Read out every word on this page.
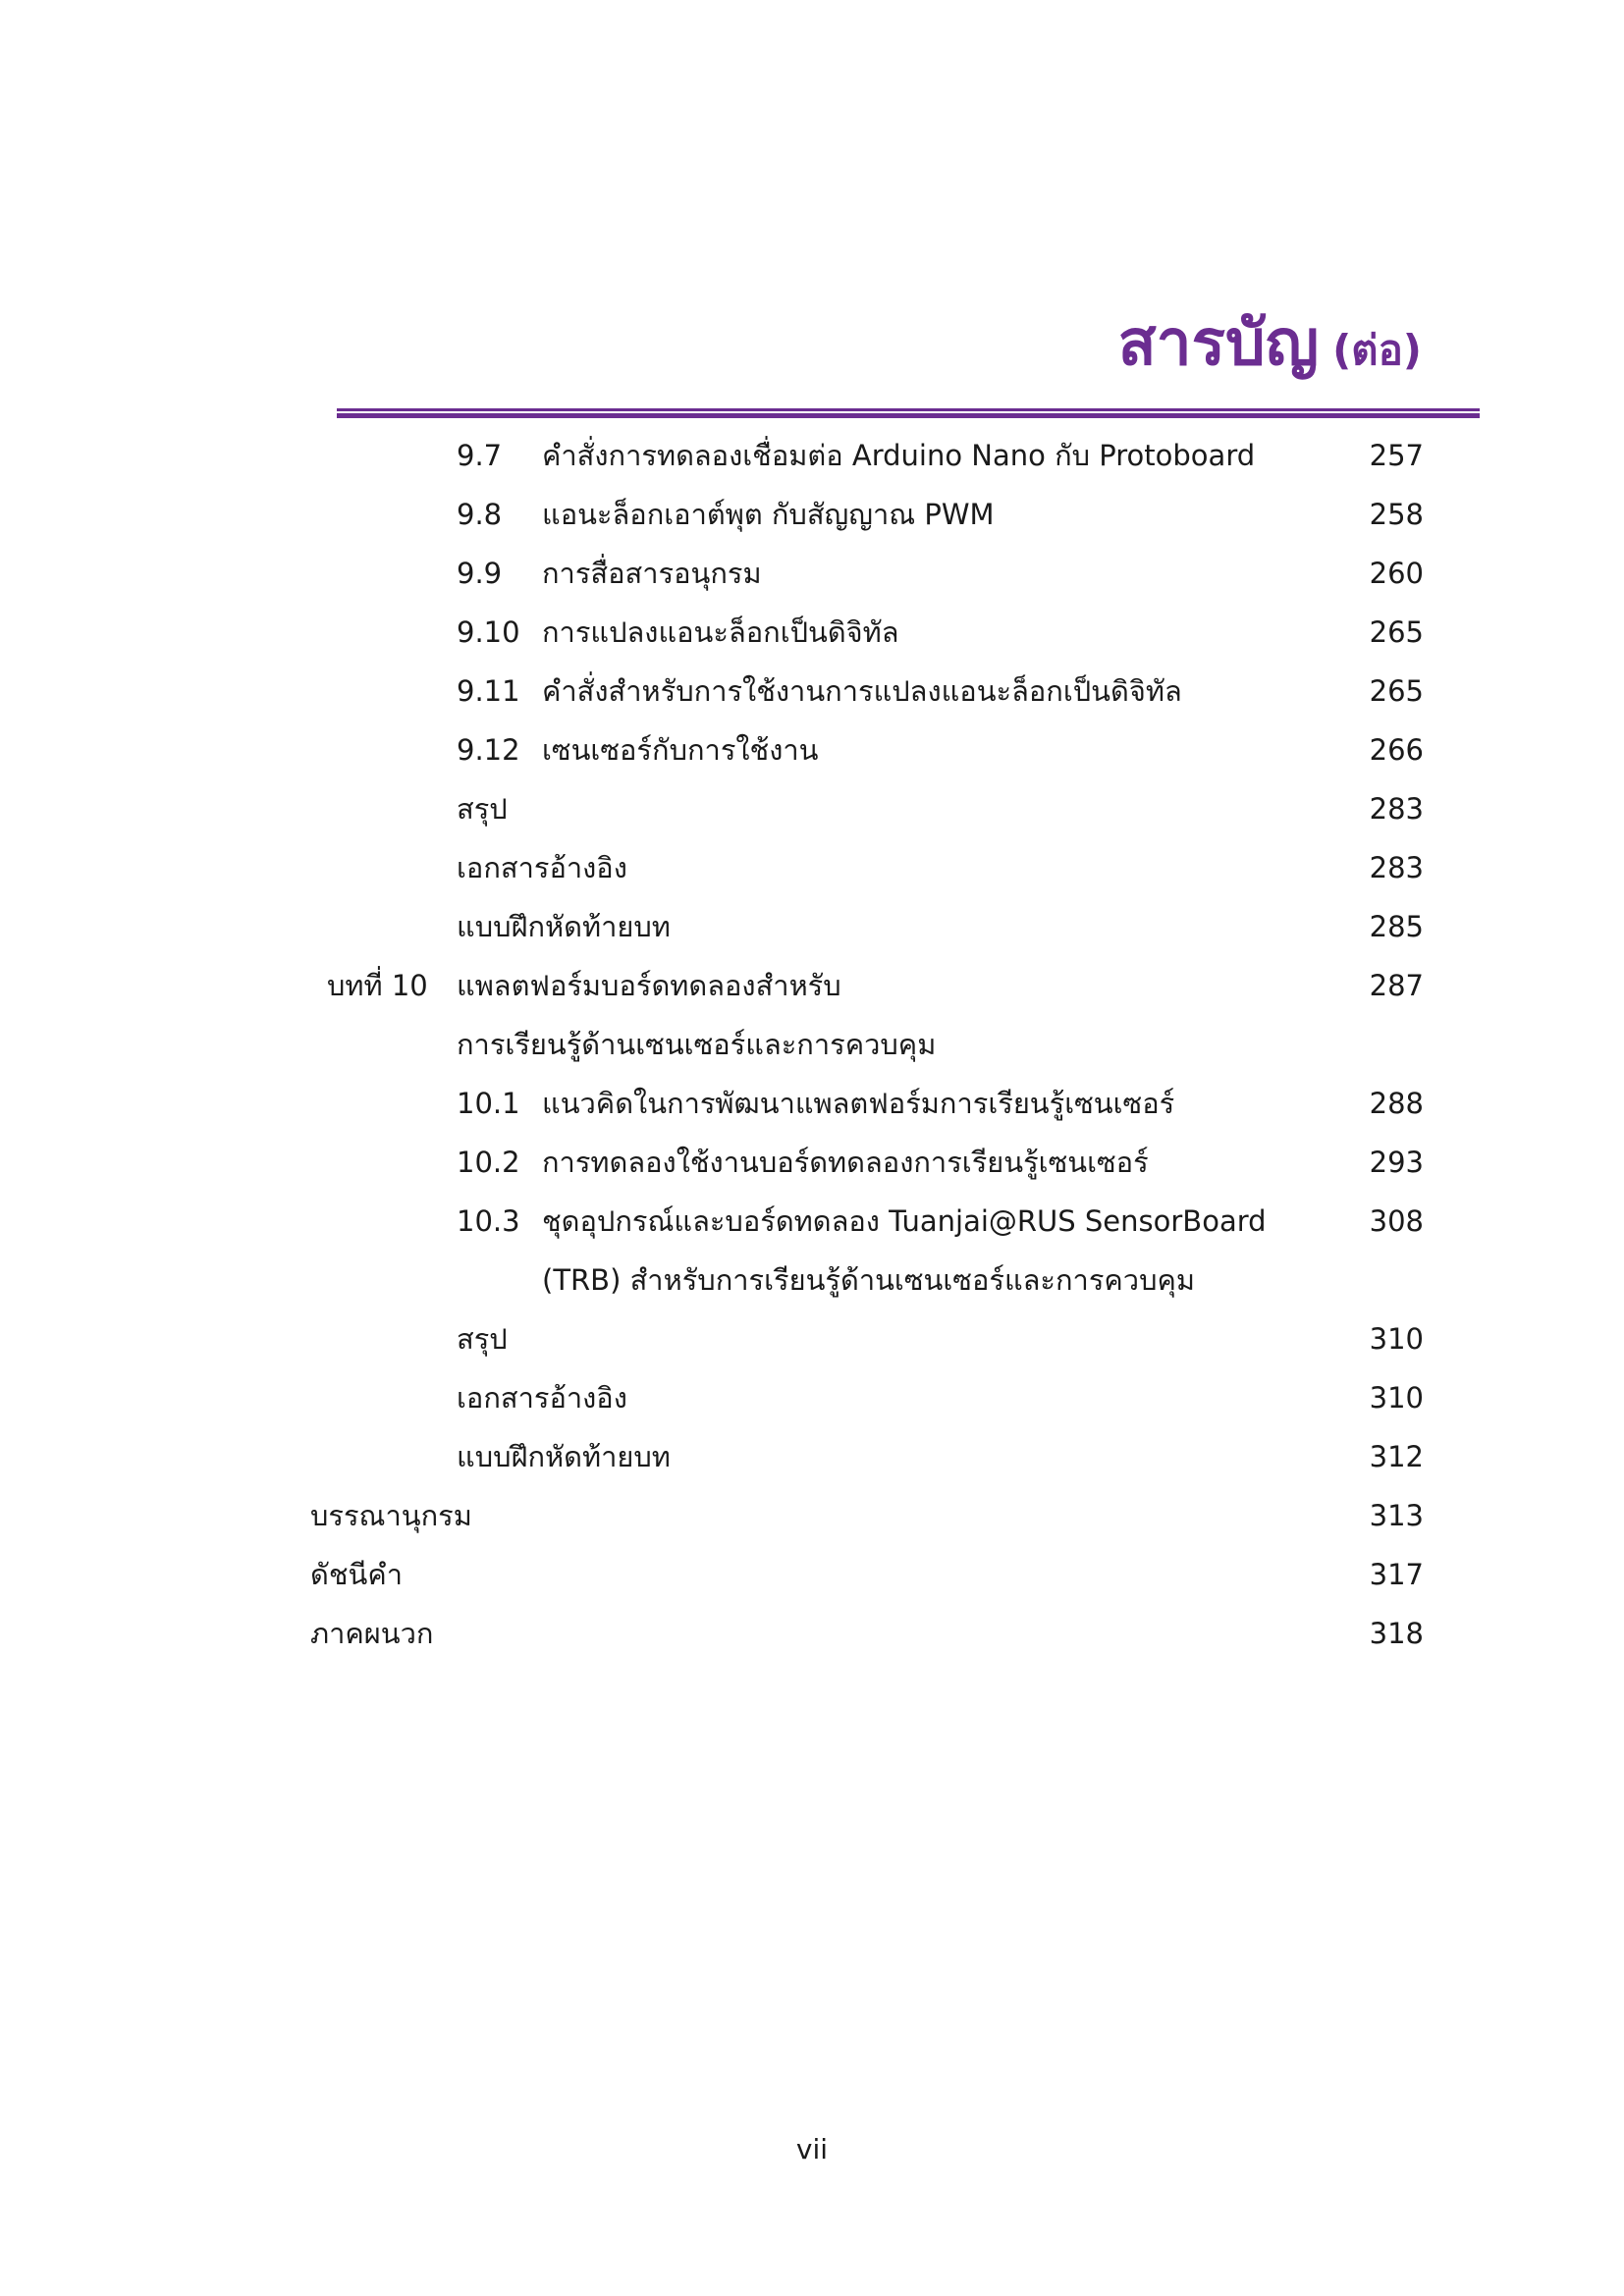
สารบัญ (ต่อ)
9.7 คำสั่งการทดลองเชื่อมต่อ Arduino Nano กับ Protoboard	257
9.8 แอนะล็อกเอาต์พุต กับสัญญาณ PWM	258
9.9 การสื่อสารอนุกรม	260
9.10 การแปลงแอนะล็อกเป็นดิจิทัล	265
9.11 คำสั่งสำหรับการใช้งานการแปลงแอนะล็อกเป็นดิจิทัล	265
9.12 เซนเซอร์กับการใช้งาน	266
สรุป	283
เอกสารอ้างอิง	283
แบบฝึกหัดท้ายบท	285
บทที่ 10 แพลตฟอร์มบอร์ดทดลองสำหรับ	287
การเรียนรู้ด้านเซนเซอร์และการควบคุม
10.1 แนวคิดในการพัฒนาแพลตฟอร์มการเรียนรู้เซนเซอร์	288
10.2 การทดลองใช้งานบอร์ดทดลองการเรียนรู้เซนเซอร์	293
10.3 ชุดอุปกรณ์และบอร์ดทดลอง Tuanjai@RUS SensorBoard	308
(TRB) สำหรับการเรียนรู้ด้านเซนเซอร์และการควบคุม
สรุป	310
เอกสารอ้างอิง	310
แบบฝึกหัดท้ายบท	312
บรรณานุกรม	313
ดัชนีคำ	317
ภาคผนวก	318
vii
